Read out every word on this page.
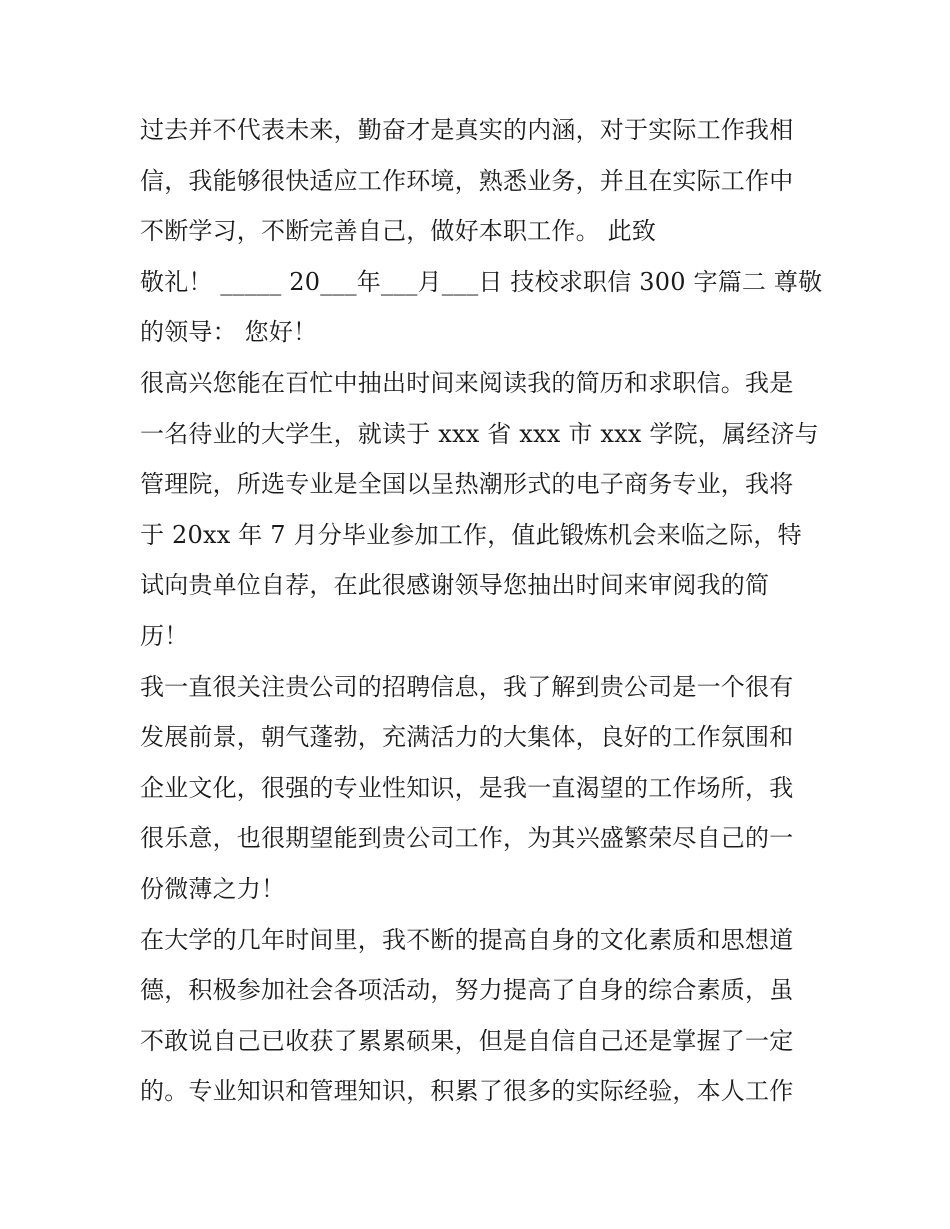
过去并不代表未来，勤奋才是真实的内涵，对于实际工作我相
信，我能够很快适应工作环境，熟悉业务，并且在实际工作中
不断学习，不断完善自己，做好本职工作。 此致
敬礼！ _____ 20___年___月___日 技校求职信 300 字篇二 尊敬
的领导： 您好！
很高兴您能在百忙中抽出时间来阅读我的简历和求职信。我是
一名待业的大学生，就读于 xxx 省 xxx 市 xxx 学院，属经济与
管理院，所选专业是全国以呈热潮形式的电子商务专业，我将
于 20xx 年 7 月分毕业参加工作，值此锻炼机会来临之际，特
试向贵单位自荐，在此很感谢领导您抽出时间来审阅我的简
历！
我一直很关注贵公司的招聘信息，我了解到贵公司是一个很有
发展前景，朝气蓬勃，充满活力的大集体，良好的工作氛围和
企业文化，很强的专业性知识，是我一直渴望的工作场所，我
很乐意，也很期望能到贵公司工作，为其兴盛繁荣尽自己的一
份微薄之力！
在大学的几年时间里，我不断的提高自身的文化素质和思想道
德，积极参加社会各项活动，努力提高了自身的综合素质，虽
不敢说自己已收获了累累硕果，但是自信自己还是掌握了一定
的。专业知识和管理知识，积累了很多的实际经验，本人工作
